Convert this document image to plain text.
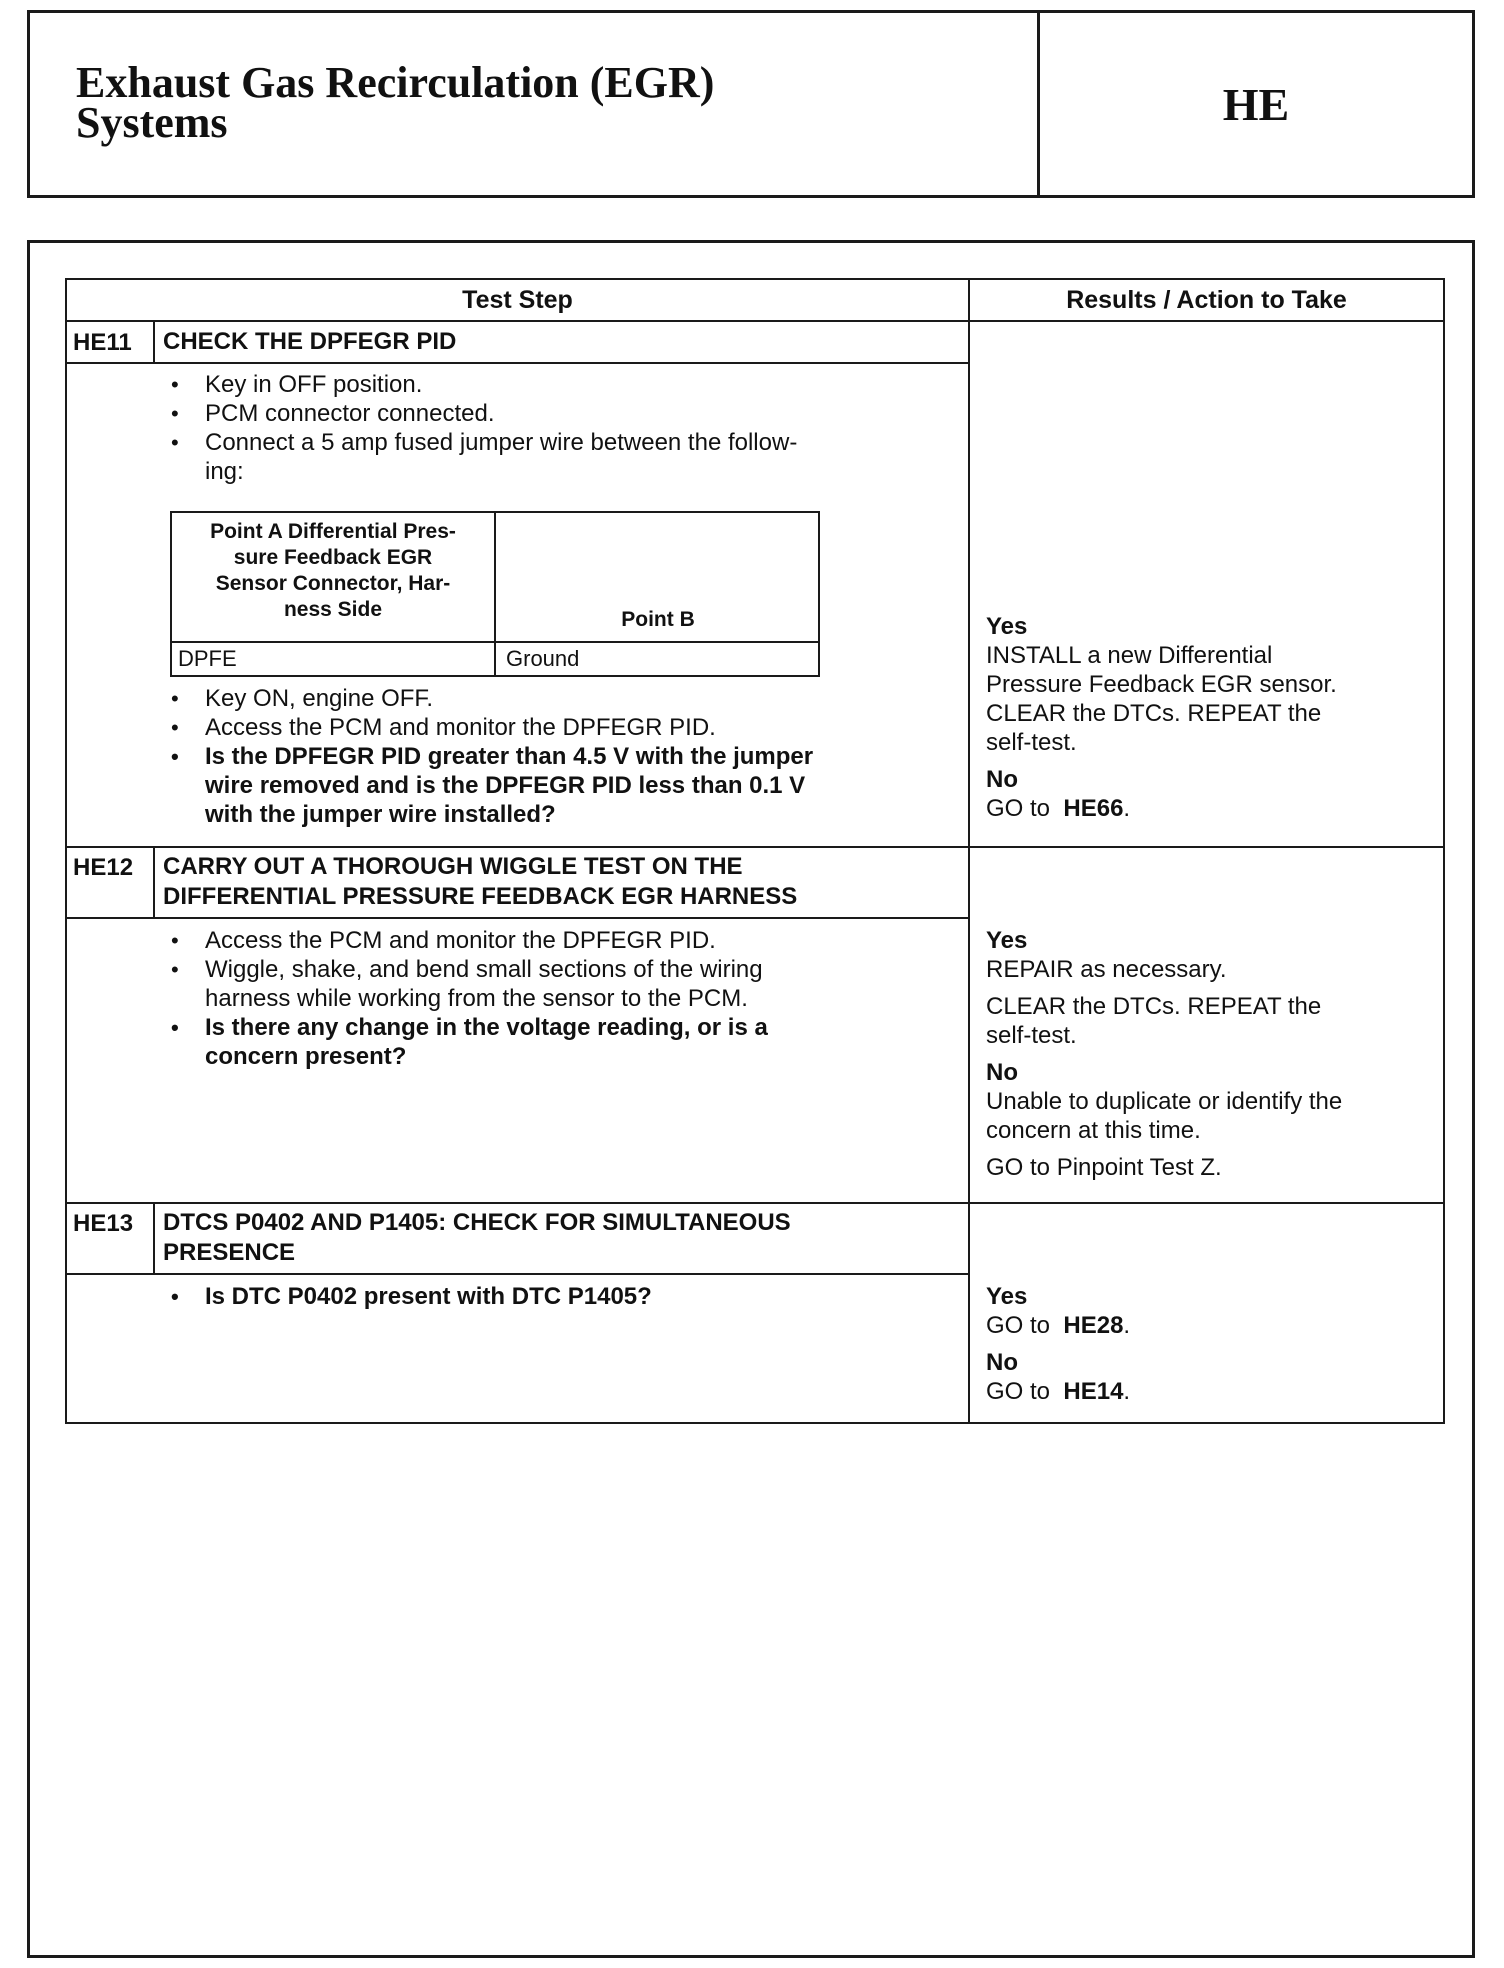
Exhaust Gas Recirculation (EGR)
Systems	HE
Test Step	Results / Action to Take
HE11	CHECK THE DPFEGR PID
• Key in OFF position.
• PCM connector connected.
• Connect a 5 amp fused jumper wire between the follow-
ing:
Point A Differential Pres-
sure Feedback EGR
Sensor Connector, Har-
ness Side	Point B
DPFE	Ground
• Key ON, engine OFF.
• Access the PCM and monitor the DPFEGR PID.
• Is the DPFEGR PID greater than 4.5 V with the jumper
wire removed and is the DPFEGR PID less than 0.1 V
with the jumper wire installed?
Yes
INSTALL a new Differential
Pressure Feedback EGR sensor.
CLEAR the DTCs. REPEAT the
self-test.
No
GO to HE66.
HE12	CARRY OUT A THOROUGH WIGGLE TEST ON THE
DIFFERENTIAL PRESSURE FEEDBACK EGR HARNESS
• Access the PCM and monitor the DPFEGR PID.
• Wiggle, shake, and bend small sections of the wiring
harness while working from the sensor to the PCM.
• Is there any change in the voltage reading, or is a
concern present?
Yes
REPAIR as necessary.
CLEAR the DTCs. REPEAT the
self-test.
No
Unable to duplicate or identify the
concern at this time.
GO to Pinpoint Test Z.
HE13	DTCS P0402 AND P1405: CHECK FOR SIMULTANEOUS
PRESENCE
• Is DTC P0402 present with DTC P1405?	Yes
GO to HE28.
No
GO to HE14.
